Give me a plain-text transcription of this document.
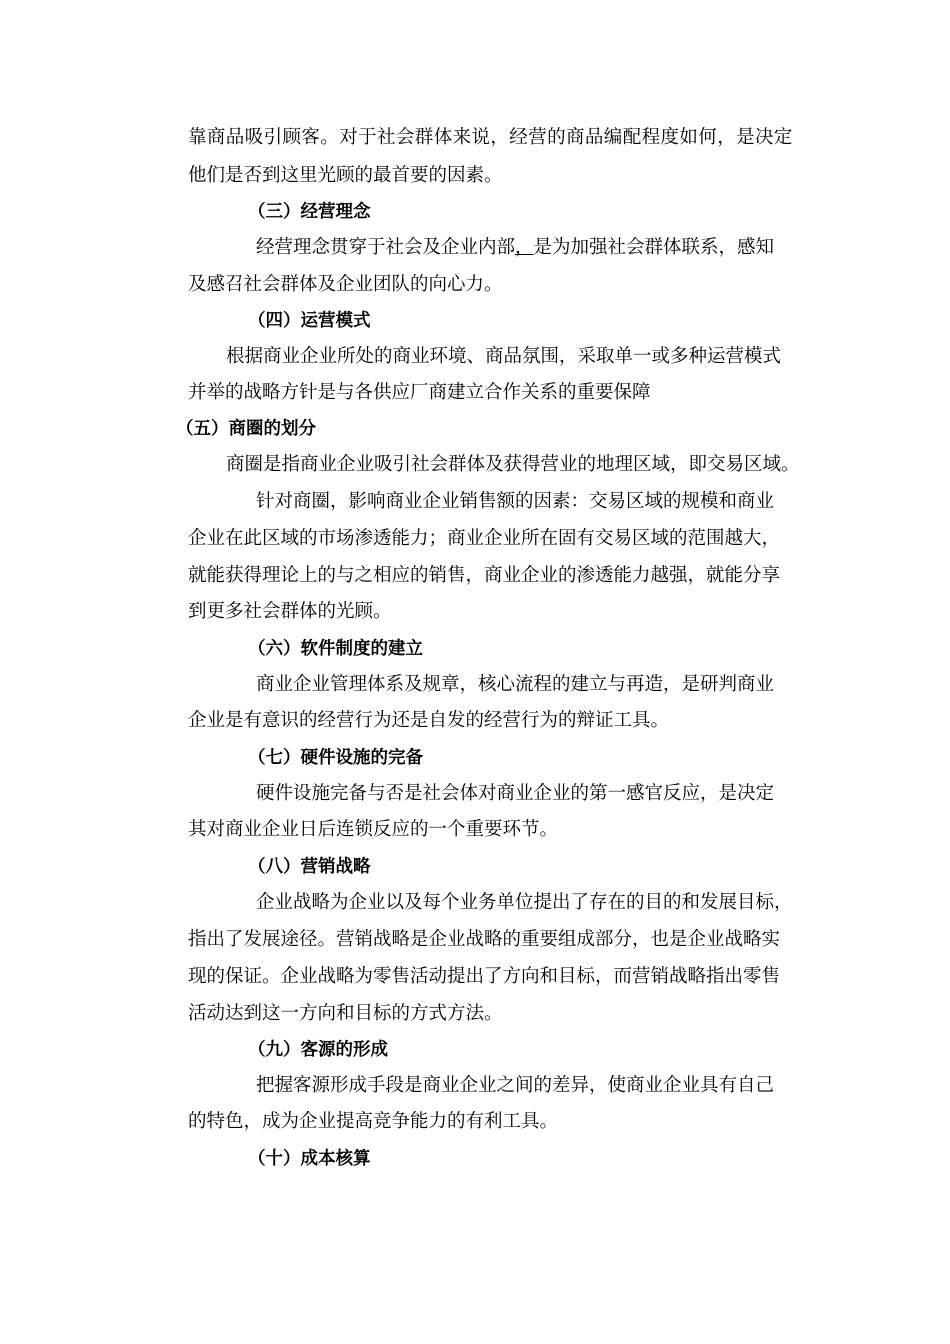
靠商品吸引顾客。对于社会群体来说，经营的商品编配程度如何，是决定

他们是否到这里光顾的最首要的因素。

（三）经营理念

经营理念贯穿于社会及企业内部，是为加强社会群体联系，感知

及感召社会群体及企业团队的向心力。

（四）运营模式

根据商业企业所处的商业环境、商品氛围，采取单一或多种运营模式

并举的战略方针是与各供应厂商建立合作关系的重要保障

（五）商圈的划分

商圈是指商业企业吸引社会群体及获得营业的地理区域，即交易区域。

针对商圈，影响商业企业销售额的因素：交易区域的规模和商业

企业在此区域的市场渗透能力；商业企业所在固有交易区域的范围越大，

就能获得理论上的与之相应的销售，商业企业的渗透能力越强，就能分享

到更多社会群体的光顾。

（六）软件制度的建立

商业企业管理体系及规章，核心流程的建立与再造，是研判商业

企业是有意识的经营行为还是自发的经营行为的辩证工具。

（七）硬件设施的完备

硬件设施完备与否是社会体对商业企业的第一感官反应，是决定

其对商业企业日后连锁反应的一个重要环节。

（八）营销战略

企业战略为企业以及每个业务单位提出了存在的目的和发展目标，

指出了发展途径。营销战略是企业战略的重要组成部分，也是企业战略实

现的保证。企业战略为零售活动提出了方向和目标，而营销战略指出零售

活动达到这一方向和目标的方式方法。

（九）客源的形成

把握客源形成手段是商业企业之间的差异，使商业企业具有自己

的特色，成为企业提高竞争能力的有利工具。

（十）成本核算
